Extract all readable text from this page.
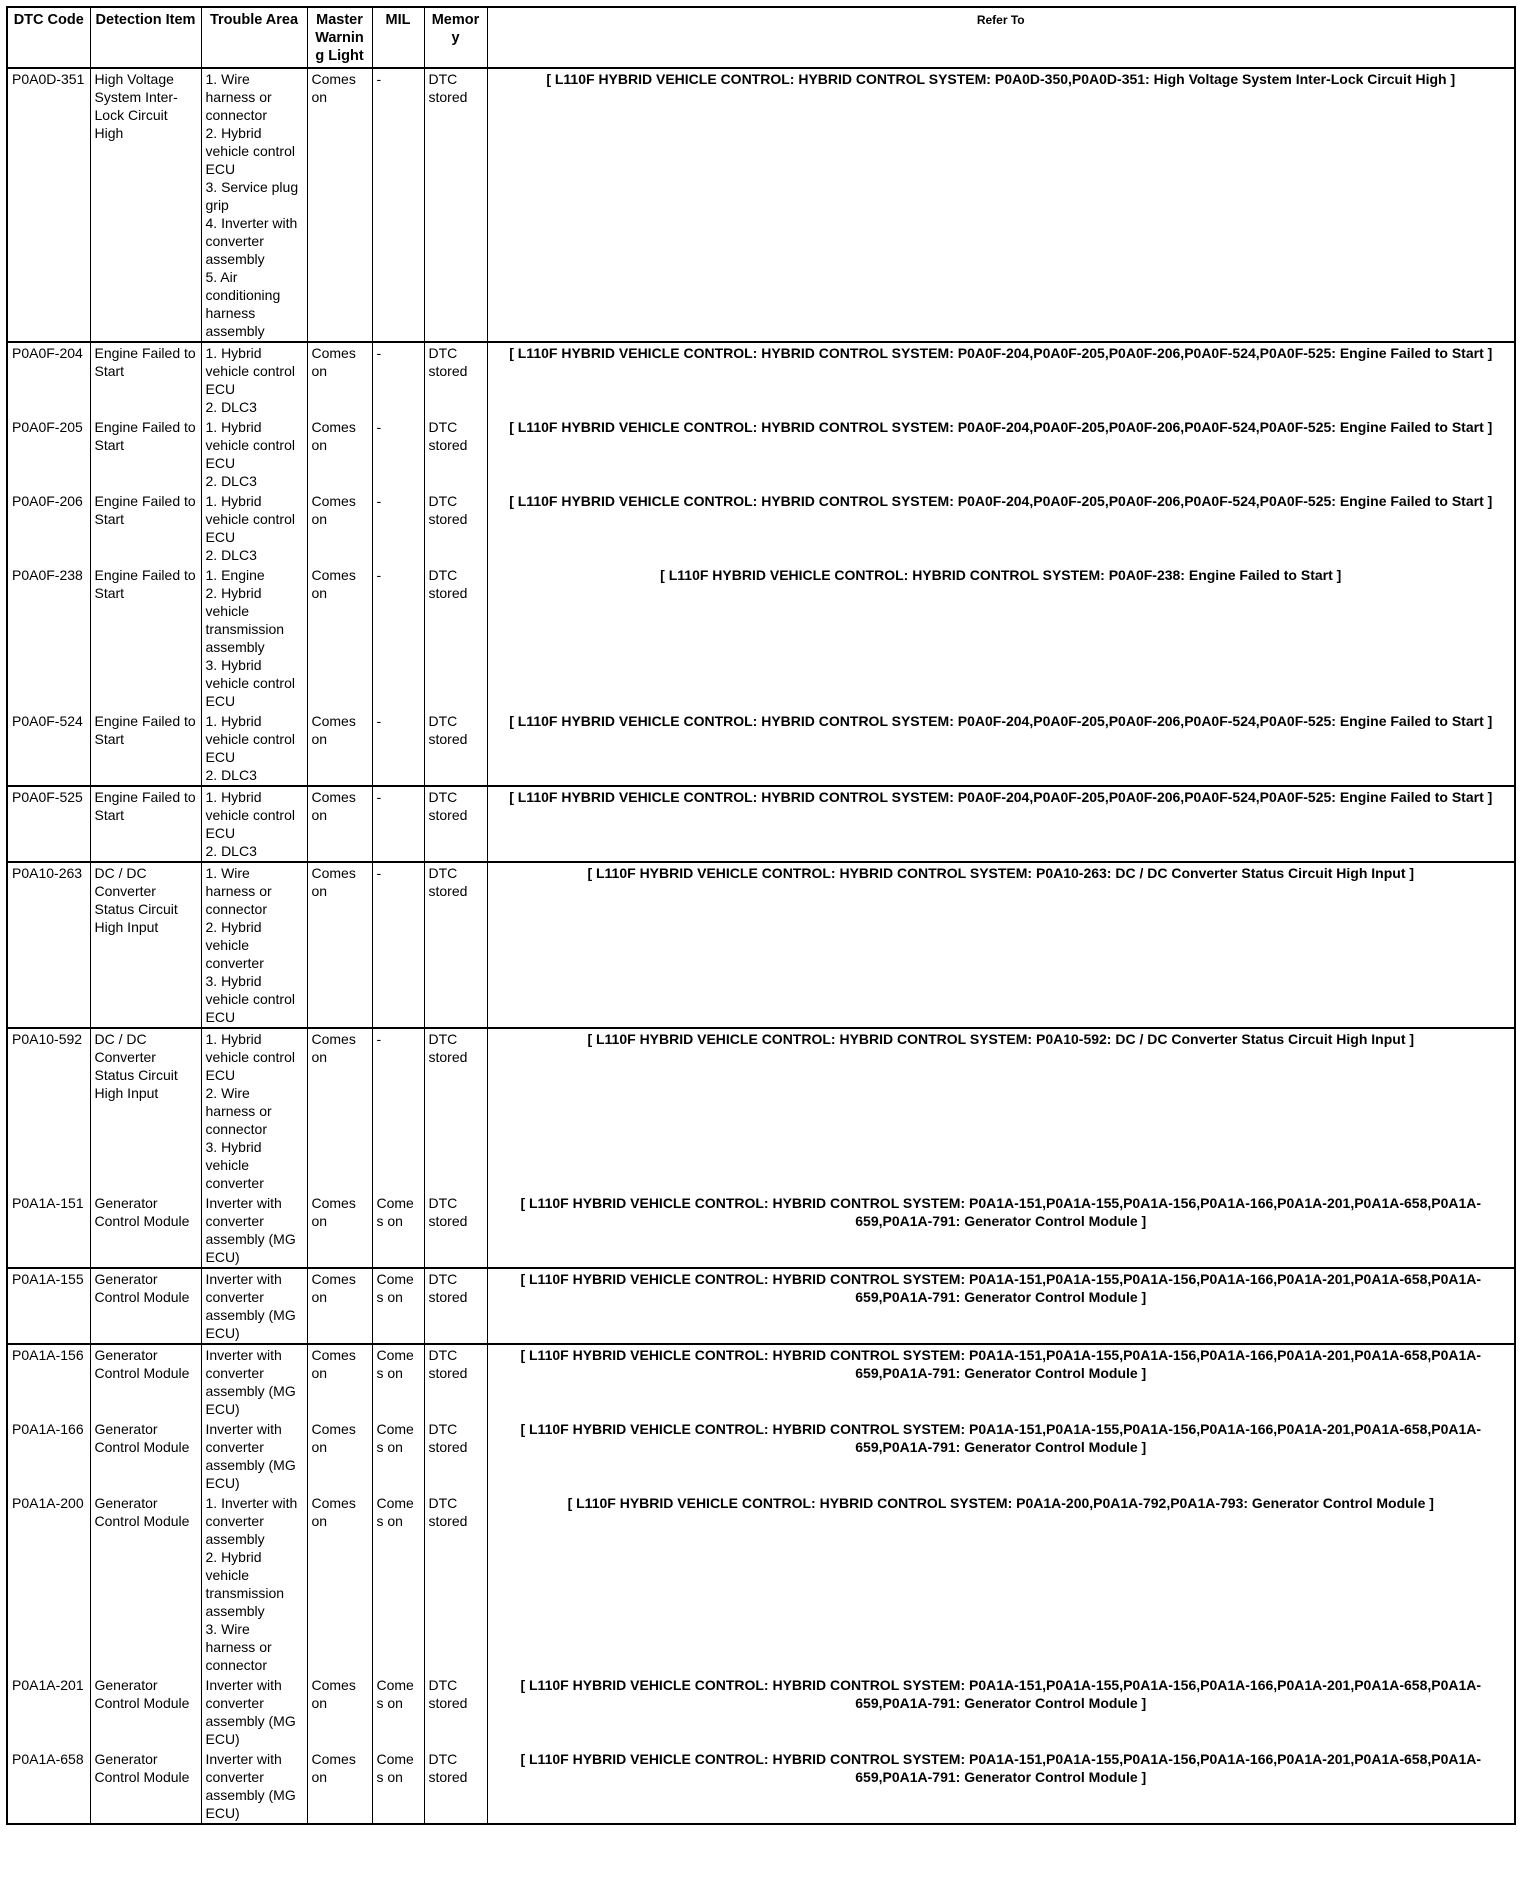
DTC Code	Detection Item	Trouble Area	Master Warning Light	MIL	Memory	Refer To
P0A0D-351	High Voltage System Inter-Lock Circuit High	1. Wire harness or connector
2. Hybrid vehicle control ECU
3. Service plug grip
4. Inverter with converter assembly
5. Air conditioning harness assembly	Comes on	-	DTC stored	[ L110F HYBRID VEHICLE CONTROL: HYBRID CONTROL SYSTEM: P0A0D-350,P0A0D-351: High Voltage System Inter-Lock Circuit High ]
P0A0F-204	Engine Failed to Start	1. Hybrid vehicle control ECU
2. DLC3	Comes on	-	DTC stored	[ L110F HYBRID VEHICLE CONTROL: HYBRID CONTROL SYSTEM: P0A0F-204,P0A0F-205,P0A0F-206,P0A0F-524,P0A0F-525: Engine Failed to Start ]
P0A0F-205	Engine Failed to Start	1. Hybrid vehicle control ECU
2. DLC3	Comes on	-	DTC stored	[ L110F HYBRID VEHICLE CONTROL: HYBRID CONTROL SYSTEM: P0A0F-204,P0A0F-205,P0A0F-206,P0A0F-524,P0A0F-525: Engine Failed to Start ]
P0A0F-206	Engine Failed to Start	1. Hybrid vehicle control ECU
2. DLC3	Comes on	-	DTC stored	[ L110F HYBRID VEHICLE CONTROL: HYBRID CONTROL SYSTEM: P0A0F-204,P0A0F-205,P0A0F-206,P0A0F-524,P0A0F-525: Engine Failed to Start ]
P0A0F-238	Engine Failed to Start	1. Engine
2. Hybrid vehicle transmission assembly
3. Hybrid vehicle control ECU	Comes on	-	DTC stored	[ L110F HYBRID VEHICLE CONTROL: HYBRID CONTROL SYSTEM: P0A0F-238: Engine Failed to Start ]
P0A0F-524	Engine Failed to Start	1. Hybrid vehicle control ECU
2. DLC3	Comes on	-	DTC stored	[ L110F HYBRID VEHICLE CONTROL: HYBRID CONTROL SYSTEM: P0A0F-204,P0A0F-205,P0A0F-206,P0A0F-524,P0A0F-525: Engine Failed to Start ]
P0A0F-525	Engine Failed to Start	1. Hybrid vehicle control ECU
2. DLC3	Comes on	-	DTC stored	[ L110F HYBRID VEHICLE CONTROL: HYBRID CONTROL SYSTEM: P0A0F-204,P0A0F-205,P0A0F-206,P0A0F-524,P0A0F-525: Engine Failed to Start ]
P0A10-263	DC / DC Converter Status Circuit High Input	1. Wire harness or connector
2. Hybrid vehicle converter
3. Hybrid vehicle control ECU	Comes on	-	DTC stored	[ L110F HYBRID VEHICLE CONTROL: HYBRID CONTROL SYSTEM: P0A10-263: DC / DC Converter Status Circuit High Input ]
P0A10-592	DC / DC Converter Status Circuit High Input	1. Hybrid vehicle control ECU
2. Wire harness or connector
3. Hybrid vehicle converter	Comes on	-	DTC stored	[ L110F HYBRID VEHICLE CONTROL: HYBRID CONTROL SYSTEM: P0A10-592: DC / DC Converter Status Circuit High Input ]
P0A1A-151	Generator Control Module	Inverter with converter assembly (MG ECU)	Comes on	Comes on	DTC stored	[ L110F HYBRID VEHICLE CONTROL: HYBRID CONTROL SYSTEM: P0A1A-151,P0A1A-155,P0A1A-156,P0A1A-166,P0A1A-201,P0A1A-658,P0A1A-659,P0A1A-791: Generator Control Module ]
P0A1A-155	Generator Control Module	Inverter with converter assembly (MG ECU)	Comes on	Comes on	DTC stored	[ L110F HYBRID VEHICLE CONTROL: HYBRID CONTROL SYSTEM: P0A1A-151,P0A1A-155,P0A1A-156,P0A1A-166,P0A1A-201,P0A1A-658,P0A1A-659,P0A1A-791: Generator Control Module ]
P0A1A-156	Generator Control Module	Inverter with converter assembly (MG ECU)	Comes on	Comes on	DTC stored	[ L110F HYBRID VEHICLE CONTROL: HYBRID CONTROL SYSTEM: P0A1A-151,P0A1A-155,P0A1A-156,P0A1A-166,P0A1A-201,P0A1A-658,P0A1A-659,P0A1A-791: Generator Control Module ]
P0A1A-166	Generator Control Module	Inverter with converter assembly (MG ECU)	Comes on	Comes on	DTC stored	[ L110F HYBRID VEHICLE CONTROL: HYBRID CONTROL SYSTEM: P0A1A-151,P0A1A-155,P0A1A-156,P0A1A-166,P0A1A-201,P0A1A-658,P0A1A-659,P0A1A-791: Generator Control Module ]
P0A1A-200	Generator Control Module	1. Inverter with converter assembly
2. Hybrid vehicle transmission assembly
3. Wire harness or connector	Comes on	Comes on	DTC stored	[ L110F HYBRID VEHICLE CONTROL: HYBRID CONTROL SYSTEM: P0A1A-200,P0A1A-792,P0A1A-793: Generator Control Module ]
P0A1A-201	Generator Control Module	Inverter with converter assembly (MG ECU)	Comes on	Comes on	DTC stored	[ L110F HYBRID VEHICLE CONTROL: HYBRID CONTROL SYSTEM: P0A1A-151,P0A1A-155,P0A1A-156,P0A1A-166,P0A1A-201,P0A1A-658,P0A1A-659,P0A1A-791: Generator Control Module ]
P0A1A-658	Generator Control Module	Inverter with converter assembly (MG ECU)	Comes on	Comes on	DTC stored	[ L110F HYBRID VEHICLE CONTROL: HYBRID CONTROL SYSTEM: P0A1A-151,P0A1A-155,P0A1A-156,P0A1A-166,P0A1A-201,P0A1A-658,P0A1A-659,P0A1A-791: Generator Control Module ]
